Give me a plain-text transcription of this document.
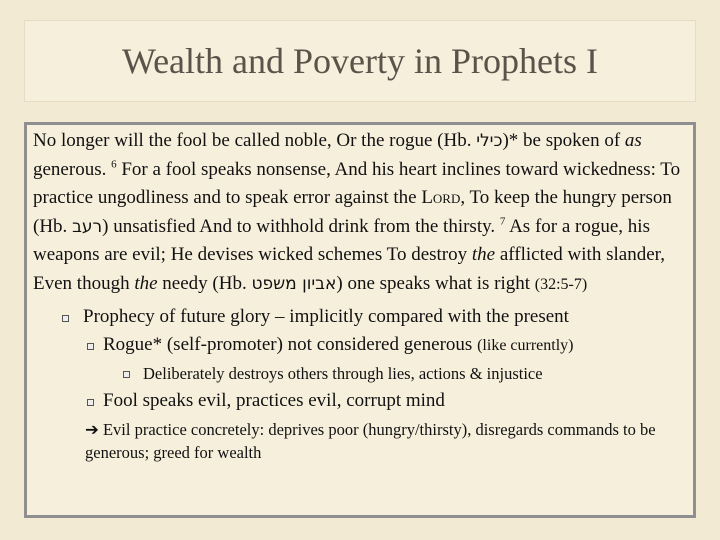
Wealth and Poverty in Prophets I

No longer will the fool be called noble, Or the rogue (Hb. כילי)* be spoken of as generous. $^6$ For a fool speaks nonsense, And his heart inclines toward wickedness: To practice ungodliness and to speak error against the Lord, To keep the hungry person (Hb. רעב) unsatisfied And to withhold drink from the thirsty. $^7$ As for a rogue, his weapons are evil; He devises wicked schemes To destroy the afflicted with slander, Even though the needy (Hb. אביון משפט) one speaks what is right (32:5-7)

Prophecy of future glory – implicitly compared with the present
Rogue* (self-promoter) not considered generous (like currently)
Deliberately destroys others through lies, actions & injustice
Fool speaks evil, practices evil, corrupt mind
➔ Evil practice concretely: deprives poor (hungry/thirsty), disregards commands to be generous; greed for wealth
